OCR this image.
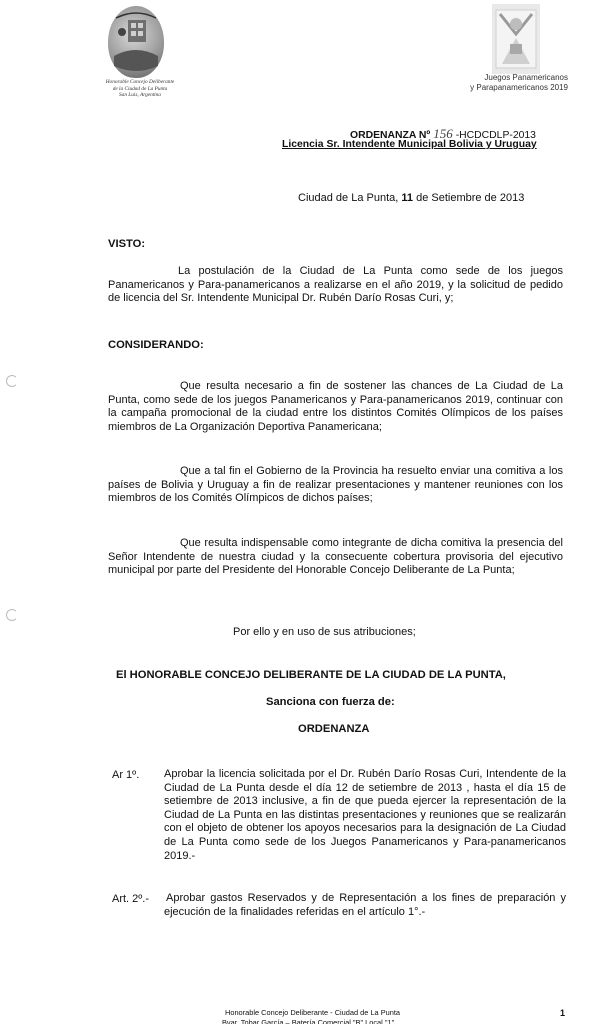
Honorable Concejo Deliberante
de la Ciudad de La Punta
San Luis, Argentina
Juegos Panamericanos
y Parapanamericanos 2019
ORDENANZA Nº 156 -HCDCDLP-2013
Licencia Sr. Intendente Municipal Bolivia y Uruguay
Ciudad de La Punta, 11 de Setiembre de 2013
VISTO:
La postulación de la Ciudad de La Punta como sede de los juegos Panamericanos y Para-panamericanos a realizarse en el año 2019, y la solicitud de pedido de licencia del Sr. Intendente Municipal Dr. Rubén Darío Rosas Curi, y;
CONSIDERANDO:
Que resulta necesario a fin de sostener las chances de La Ciudad de La Punta, como sede de los juegos Panamericanos y Para-panamericanos 2019, continuar con la campaña promocional de la ciudad entre los distintos Comités Olímpicos de los países miembros de La Organización Deportiva Panamericana;
Que a tal fin el Gobierno de la Provincia ha resuelto enviar una comitiva a los países de Bolivia y Uruguay a fin de realizar presentaciones y mantener reuniones con los miembros de los Comités Olímpicos de dichos países;
Que resulta indispensable como integrante de dicha comitiva la presencia del Señor Intendente de nuestra ciudad y la consecuente cobertura provisoria del ejecutivo municipal por parte del Presidente del Honorable Concejo Deliberante de La Punta;
Por ello y en uso de sus atribuciones;
El HONORABLE CONCEJO DELIBERANTE DE LA CIUDAD DE LA PUNTA,
Sanciona con fuerza de:
ORDENANZA
Ar 1º. Aprobar la licencia solicitada por el Dr. Rubén Darío Rosas Curi, Intendente de la Ciudad de La Punta desde el día 12 de setiembre de 2013 , hasta el día 15 de setiembre de 2013 inclusive, a fin de que pueda ejercer la representación de la Ciudad de La Punta en las distintas presentaciones y reuniones que se realizarán con el objeto de obtener los apoyos necesarios para la designación de La Ciudad de La Punta como sede de los Juegos Panamericanos y Para-panamericanos 2019.-
Art. 2º.- Aprobar gastos Reservados y de Representación a los fines de preparación y ejecución de la finalidades referidas en el artículo 1°.-
Honorable Concejo Deliberante - Ciudad de La Punta
Bvar. Tobar García – Batería Comercial "B" Local "1"
1
